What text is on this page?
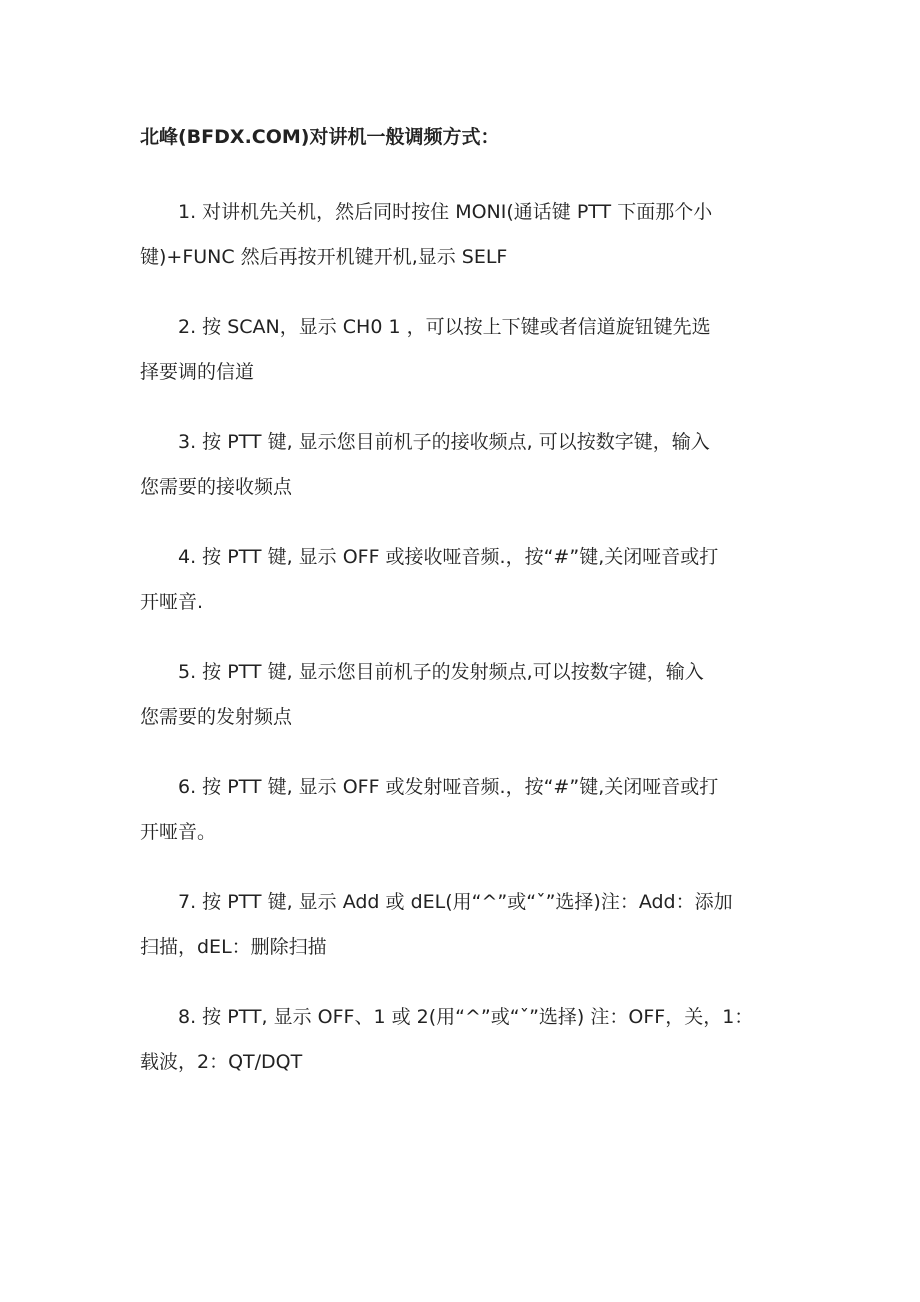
北峰(BFDX.COM)对讲机一般调频方式：
1. 对讲机先关机，然后同时按住 MONI(通话键 PTT 下面那个小
键)+FUNC 然后再按开机键开机,显示 SELF
2. 按 SCAN，显示 CH0 1 ，可以按上下键或者信道旋钮键先选
择要调的信道
3. 按 PTT 键, 显示您目前机子的接收频点, 可以按数字键，输入
您需要的接收频点
4. 按 PTT 键, 显示 OFF 或接收哑音频.，按“#”键,关闭哑音或打
开哑音.
5. 按 PTT 键, 显示您目前机子的发射频点,可以按数字键，输入
您需要的发射频点
6. 按 PTT 键, 显示 OFF 或发射哑音频.，按“#”键,关闭哑音或打
开哑音。
7. 按 PTT 键, 显示 Add 或 dEL(用“^”或“ˇ”选择)注：Add：添加
扫描，dEL：删除扫描
8. 按 PTT, 显示 OFF、1 或 2(用“^”或“ˇ”选择) 注：OFF，关，1：
载波，2：QT/DQT
